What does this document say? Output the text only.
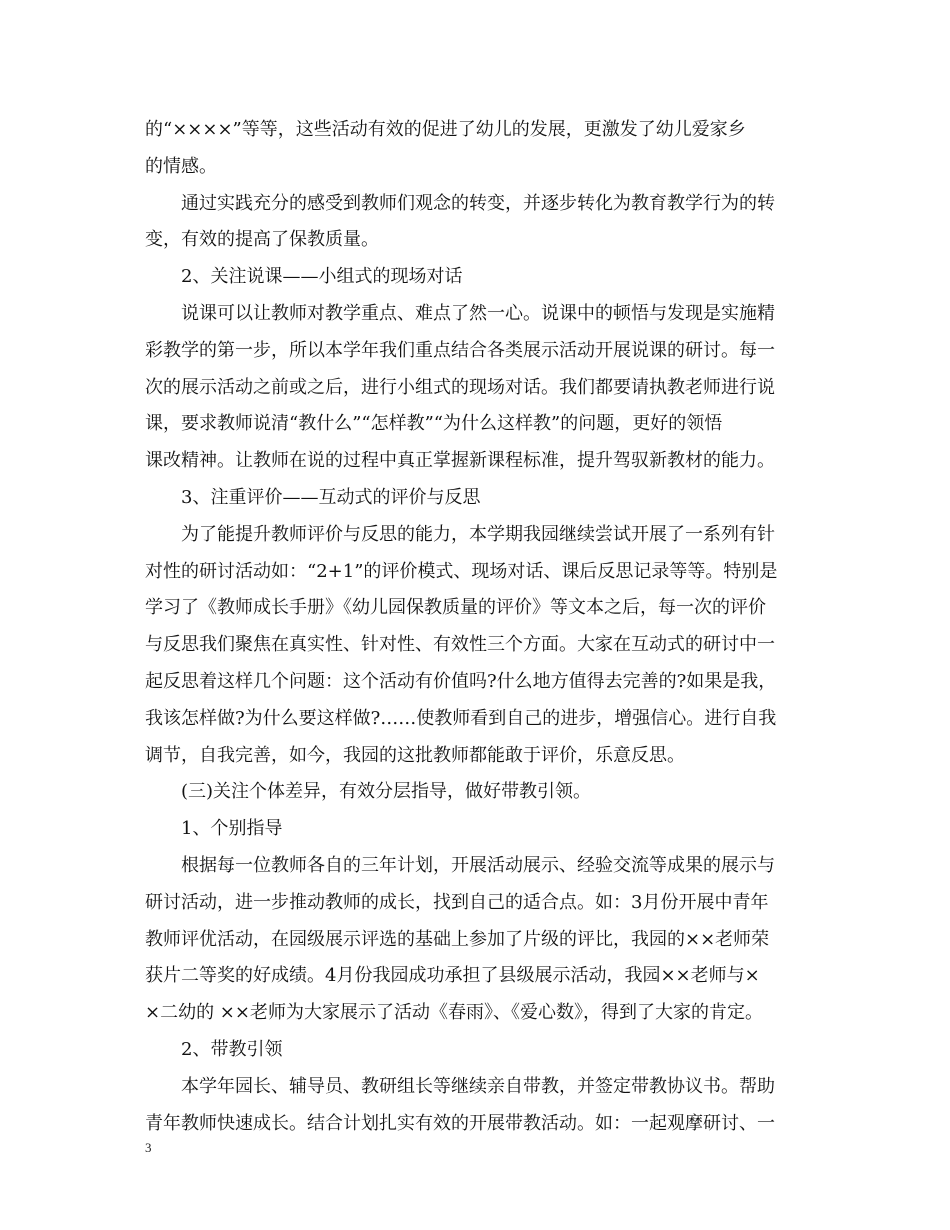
的“××××”等等，这些活动有效的促进了幼儿的发展，更激发了幼儿爱家乡
的情感。
通过实践充分的感受到教师们观念的转变，并逐步转化为教育教学行为的转
变，有效的提高了保教质量。
2、关注说课——小组式的现场对话
说课可以让教师对教学重点、难点了然一心。说课中的顿悟与发现是实施精
彩教学的第一步，所以本学年我们重点结合各类展示活动开展说课的研讨。每一
次的展示活动之前或之后，进行小组式的现场对话。我们都要请执教老师进行说
课，要求教师说清“教什么”“怎样教”“为什么这样教”的问题，更好的领悟
课改精神。让教师在说的过程中真正掌握新课程标准，提升驾驭新教材的能力。
3、注重评价——互动式的评价与反思
为了能提升教师评价与反思的能力，本学期我园继续尝试开展了一系列有针
对性的研讨活动如：“2+1”的评价模式、现场对话、课后反思记录等等。特别是
学习了《教师成长手册》《幼儿园保教质量的评价》等文本之后，每一次的评价
与反思我们聚焦在真实性、针对性、有效性三个方面。大家在互动式的研讨中一
起反思着这样几个问题：这个活动有价值吗?什么地方值得去完善的?如果是我，
我该怎样做?为什么要这样做?……使教师看到自己的进步，增强信心。进行自我
调节，自我完善，如今，我园的这批教师都能敢于评价，乐意反思。
(三)关注个体差异，有效分层指导，做好带教引领。
1、个别指导
根据每一位教师各自的三年计划，开展活动展示、经验交流等成果的展示与
研讨活动，进一步推动教师的成长，找到自己的适合点。如：3月份开展中青年
教师评优活动，在园级展示评选的基础上参加了片级的评比，我园的××老师荣
获片二等奖的好成绩。4月份我园成功承担了县级展示活动，我园××老师与×
×二幼的 ××老师为大家展示了活动《春雨》、《爱心数》，得到了大家的肯定。
2、带教引领
本学年园长、辅导员、教研组长等继续亲自带教，并签定带教协议书。帮助
青年教师快速成长。结合计划扎实有效的开展带教活动。如：一起观摩研讨、一
3
